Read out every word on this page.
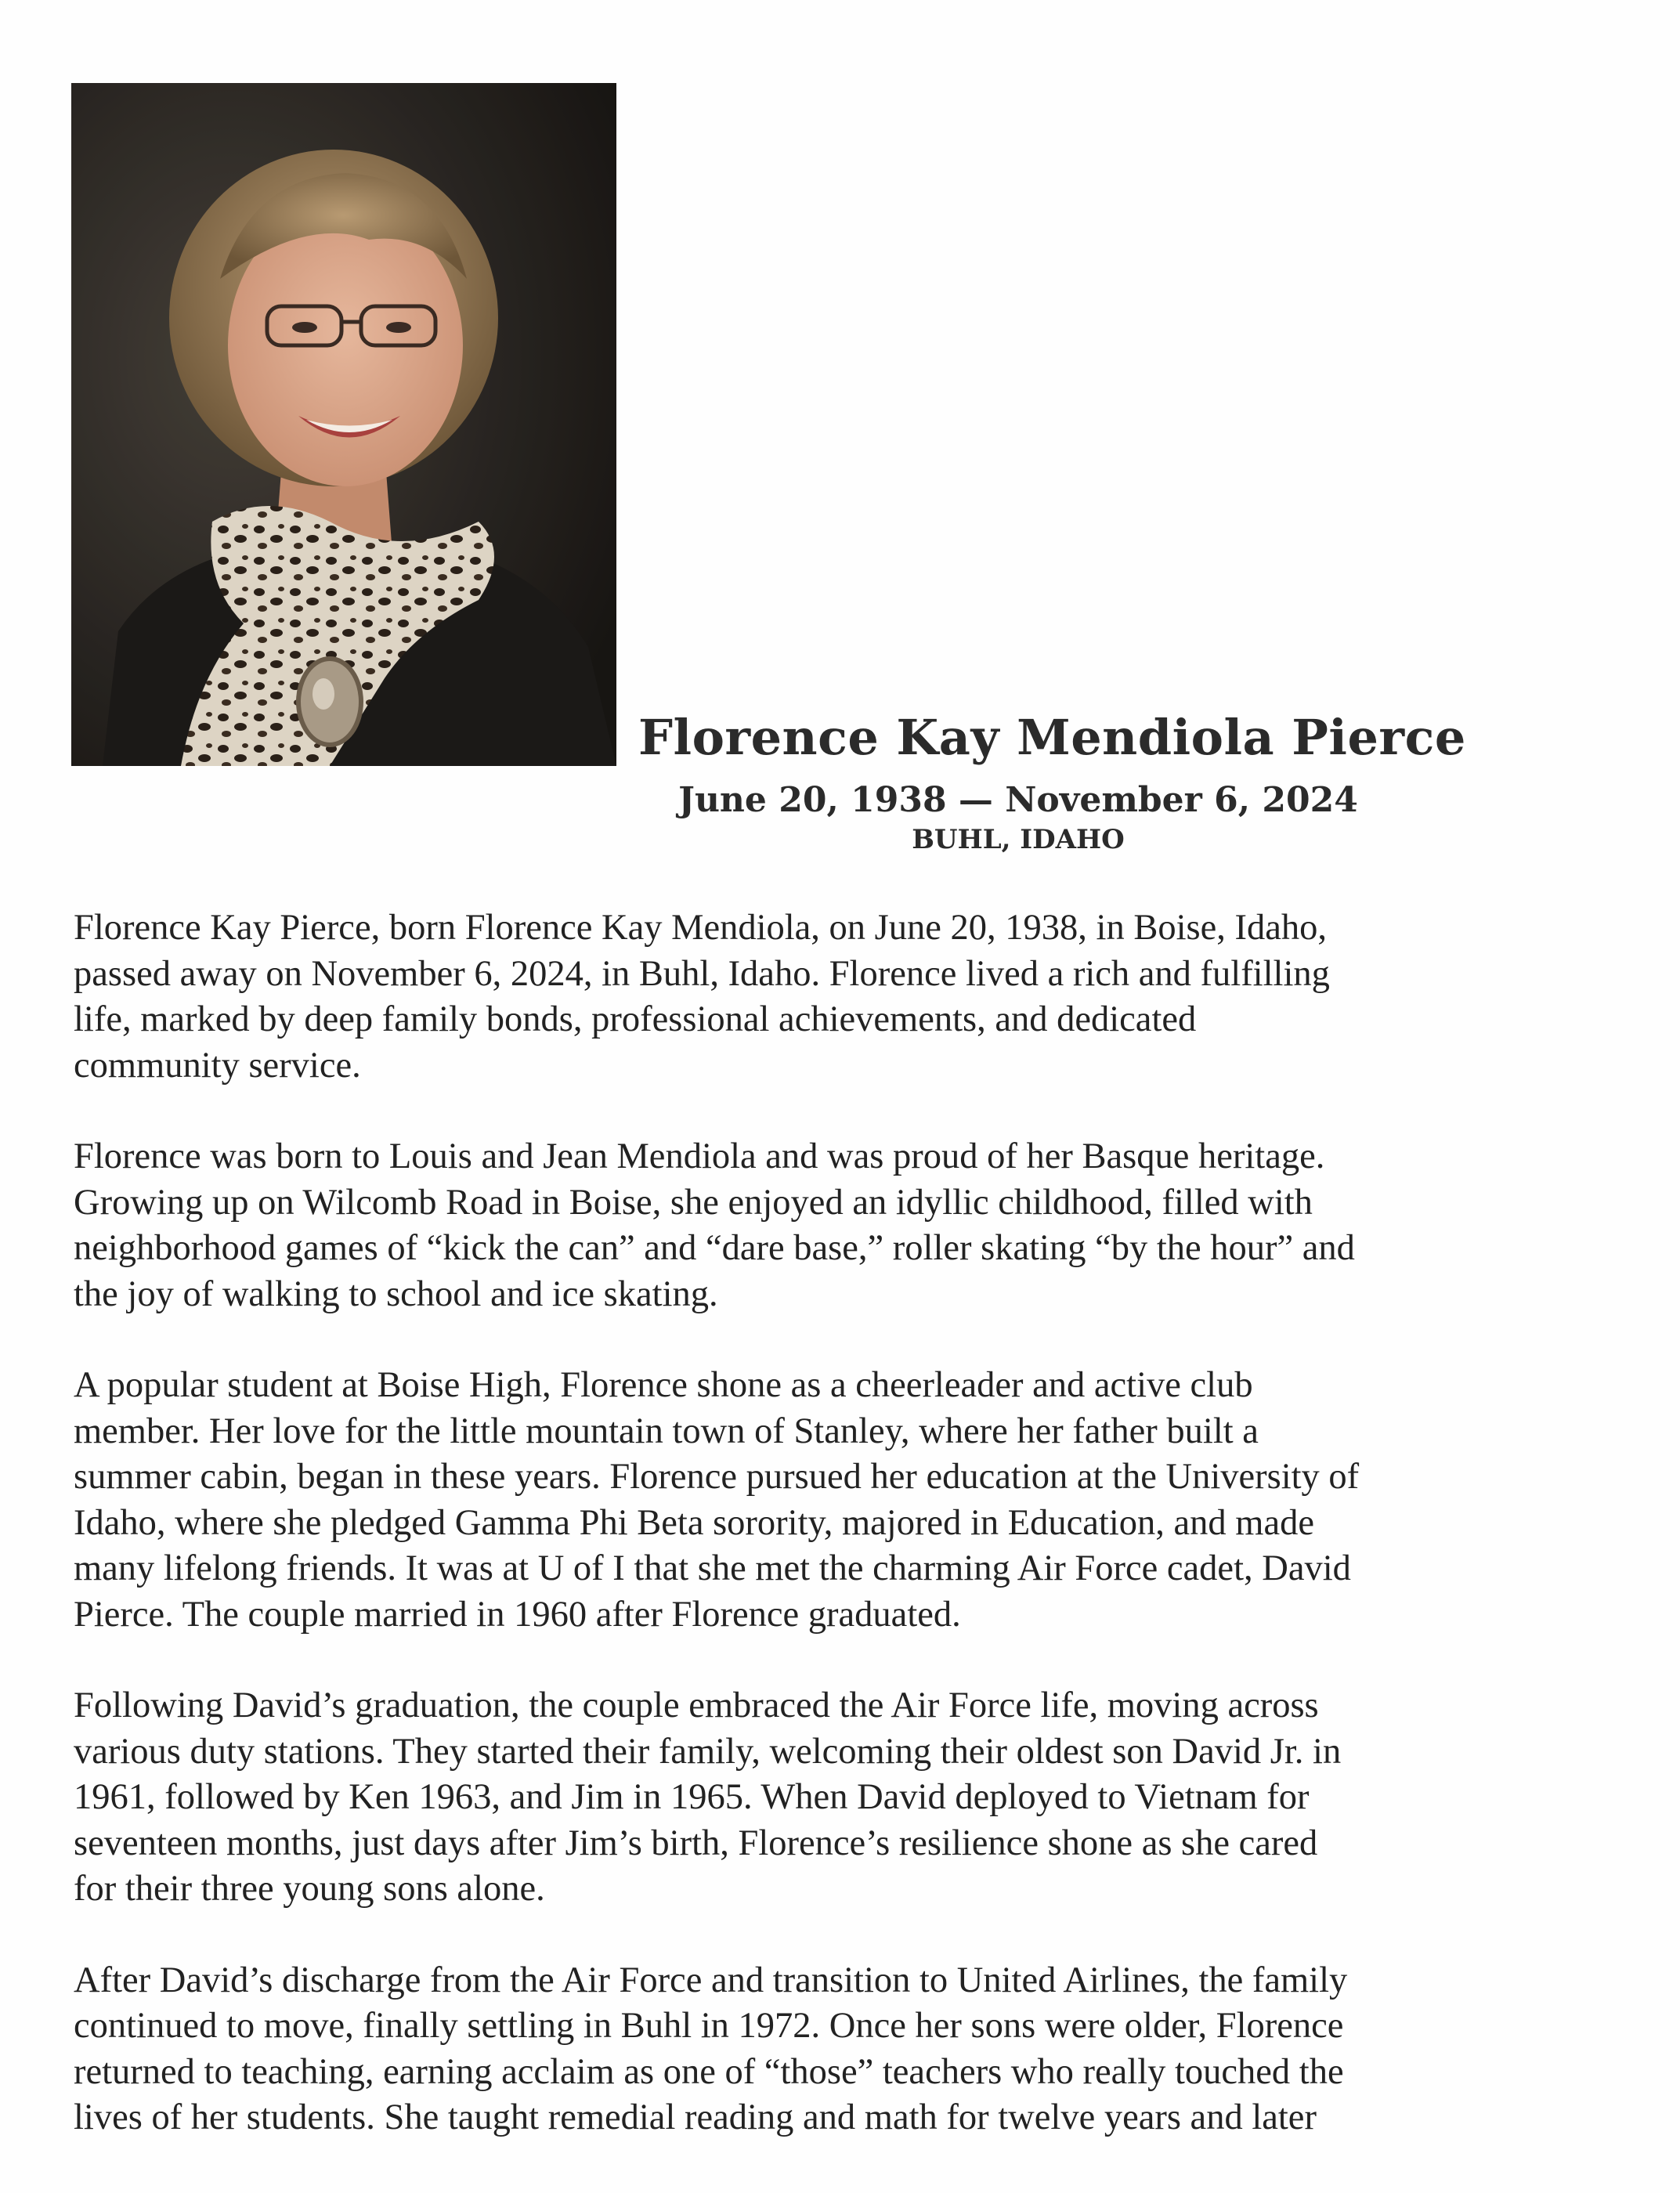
Florence Kay Mendiola Pierce
June 20, 1938 — November 6, 2024
BUHL, IDAHO
Florence Kay Pierce, born Florence Kay Mendiola, on June 20, 1938, in Boise, Idaho,
passed away on November 6, 2024, in Buhl, Idaho. Florence lived a rich and fulfilling
life, marked by deep family bonds, professional achievements, and dedicated
community service.
Florence was born to Louis and Jean Mendiola and was proud of her Basque heritage.
Growing up on Wilcomb Road in Boise, she enjoyed an idyllic childhood, filled with
neighborhood games of “kick the can” and “dare base,” roller skating “by the hour” and
the joy of walking to school and ice skating.
A popular student at Boise High, Florence shone as a cheerleader and active club
member. Her love for the little mountain town of Stanley, where her father built a
summer cabin, began in these years. Florence pursued her education at the University of
Idaho, where she pledged Gamma Phi Beta sorority, majored in Education, and made
many lifelong friends. It was at U of I that she met the charming Air Force cadet, David
Pierce. The couple married in 1960 after Florence graduated.
Following David’s graduation, the couple embraced the Air Force life, moving across
various duty stations. They started their family, welcoming their oldest son David Jr. in
1961, followed by Ken 1963, and Jim in 1965. When David deployed to Vietnam for
seventeen months, just days after Jim’s birth, Florence’s resilience shone as she cared
for their three young sons alone.
After David’s discharge from the Air Force and transition to United Airlines, the family
continued to move, finally settling in Buhl in 1972. Once her sons were older, Florence
returned to teaching, earning acclaim as one of “those” teachers who really touched the
lives of her students. She taught remedial reading and math for twelve years and later
